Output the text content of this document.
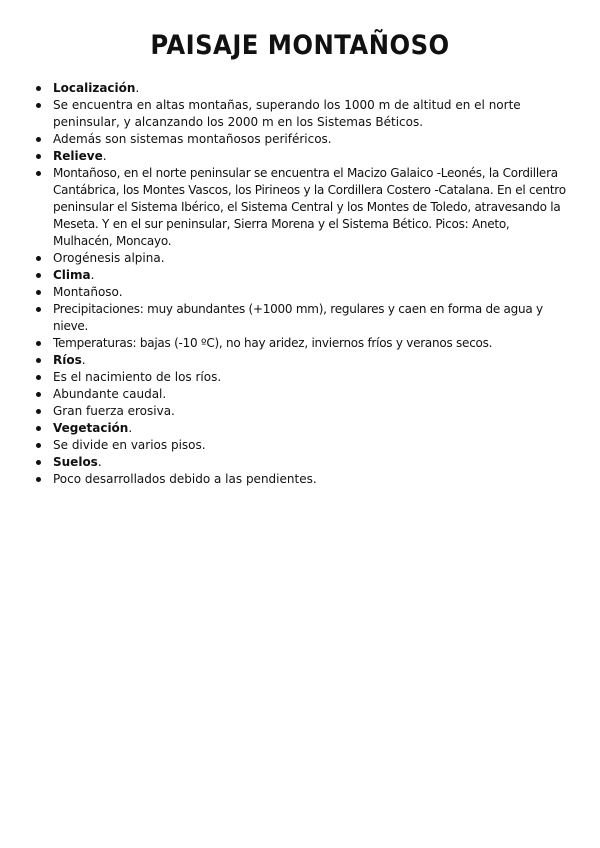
PAISAJE MONTAÑOSO
Localización.
Se encuentra en altas montañas, superando los 1000 m de altitud en el norte peninsular, y alcanzando los 2000 m en los Sistemas Béticos.
Además son sistemas montañosos periféricos.
Relieve.
Montañoso, en el norte peninsular se encuentra el Macizo Galaico -Leonés, la Cordillera Cantábrica, los Montes Vascos, los Pirineos y la Cordillera Costero -Catalana. En el centro peninsular el Sistema Ibérico, el Sistema Central y los Montes de Toledo, atravesando la Meseta. Y en el sur peninsular, Sierra Morena y el Sistema Bético. Picos: Aneto, Mulhacén, Moncayo.
Orogénesis alpina.
Clima.
Montañoso.
Precipitaciones: muy abundantes (+1000 mm), regulares y caen en forma de agua y nieve.
Temperaturas: bajas (-10 ºC), no hay aridez, inviernos fríos y veranos secos.
Ríos.
Es el nacimiento de los ríos.
Abundante caudal.
Gran fuerza erosiva.
Vegetación.
Se divide en varios pisos.
Suelos.
Poco desarrollados debido a las pendientes.
